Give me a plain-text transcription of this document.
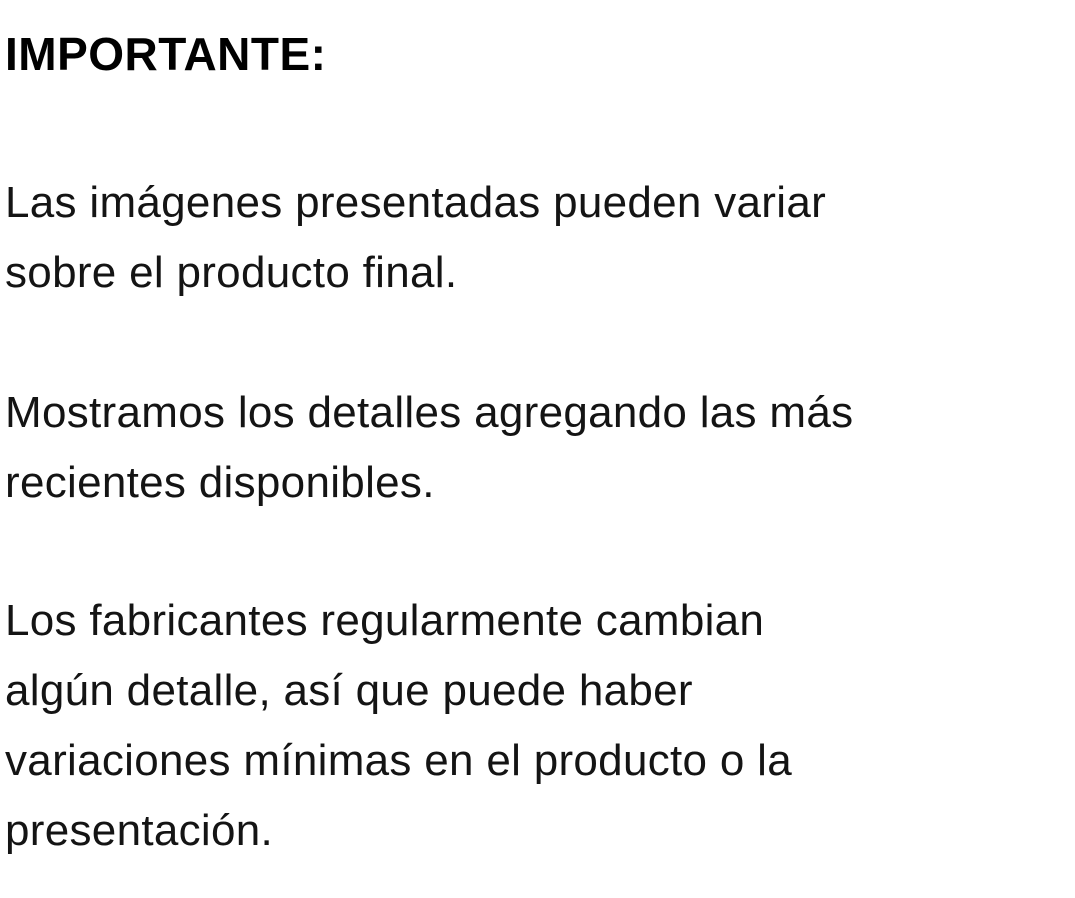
IMPORTANTE:

Las imágenes presentadas pueden variar
sobre el producto final.

Mostramos los detalles agregando las más
recientes disponibles.

Los fabricantes regularmente cambian
algún detalle, así que puede haber
variaciones mínimas en el producto o la
presentación.
